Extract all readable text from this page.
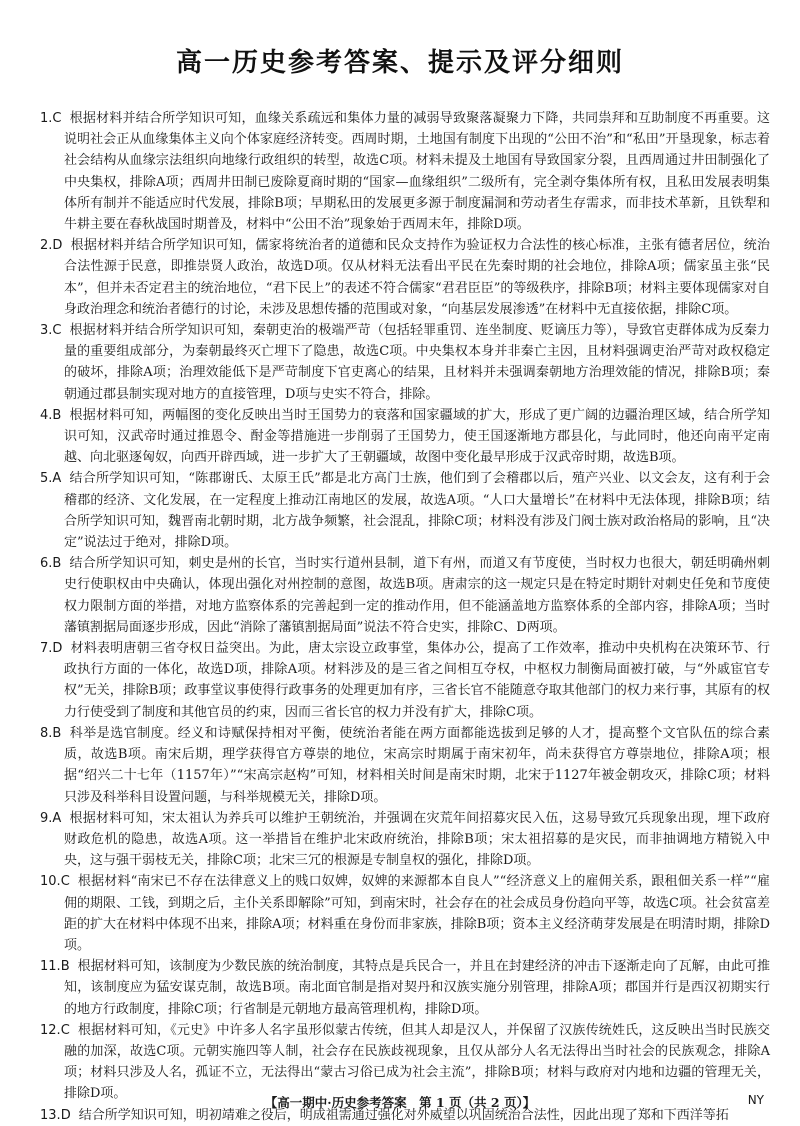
高一历史参考答案、提示及评分细则

1.C 根据材料并结合所学知识可知，血缘关系疏远和集体力量的减弱导致聚落凝聚力下降，共同祟拜和互助制度不再重要。这说明社会正从血缘集体主义向个体家庭经济转变。西周时期，土地国有制度下出现的“公田不治”和“私田”开垦现象，标志着社会结构从血缘宗法组织向地缘行政组织的转型，故选C项。材料未提及土地国有导致国家分裂，且西周通过井田制强化了中央集权，排除A项；西周井田制已废除夏商时期的“国家—血缘组织”二级所有，完全剥夺集体所有权，且私田发展表明集体所有制并不能适应时代发展，排除B项；早期私田的发展更多源于制度漏洞和劳动者生存需求，而非技术革新，且铁犁和牛耕主要在春秋战国时期普及，材料中“公田不治”现象始于西周末年，排除D项。

2.D 根据材料并结合所学知识可知，儒家将统治者的道德和民众支持作为验证权力合法性的核心标准，主张有德者居位，统治合法性源于民意，即推崇贤人政治，故选D项。仅从材料无法看出平民在先秦时期的社会地位，排除A项；儒家虽主张“民本”，但并未否定君主的统治地位，“君下民上”的表述不符合儒家“君君臣臣”的等级秩序，排除B项；材料主要体现儒家对自身政治理念和统治者德行的讨论，未涉及思想传播的范围或对象，“向基层发展渗透”在材料中无直接依据，排除C项。

3.C 根据材料并结合所学知识可知，秦朝吏治的极端严苛（包括轻罪重罚、连坐制度、贬谪压力等），导致官吏群体成为反秦力量的重要组成部分，为秦朝最终灭亡埋下了隐患，故选C项。中央集权本身并非秦亡主因，且材料强调吏治严苛对政权稳定的破坏，排除A项；治理效能低下是严苛制度下官吏离心的结果，且材料并未强调秦朝地方治理效能的情况，排除B项；秦朝通过郡县制实现对地方的直接管理，D项与史实不符合，排除。

4.B 根据材料可知，两幅图的变化反映出当时王国势力的衰落和国家疆域的扩大，形成了更广阔的边疆治理区域，结合所学知识可知，汉武帝时通过推恩令、酎金等措施进一步削弱了王国势力，使王国逐渐地方郡县化，与此同时，他还向南平定南越、向北驱逐匈奴，向西开辟西域，进一步扩大了王朝疆域，故图中变化最早形成于汉武帝时期，故选B项。

5.A 结合所学知识可知，“陈郡谢氏、太原王氏”都是北方高门士族，他们到了会稽郡以后，殖产兴业、以文会友，这有利于会稽郡的经济、文化发展，在一定程度上推动江南地区的发展，故选A项。“人口大量增长”在材料中无法体现，排除B项；结合所学知识可知，魏晋南北朝时期，北方战争频繁，社会混乱，排除C项；材料没有涉及门阀士族对政治格局的影响，且“决定”说法过于绝对，排除D项。

6.B 结合所学知识可知，刺史是州的长官，当时实行道州县制，道下有州，而道又有节度使，当时权力也很大，朝廷明确州刺史行使职权由中央确认，体现出强化对州控制的意图，故选B项。唐肃宗的这一规定只是在特定时期针对刺史任免和节度使权力限制方面的举措，对地方监察体系的完善起到一定的推动作用，但不能涵盖地方监察体系的全部内容，排除A项；当时藩镇割据局面逐步形成，因此“消除了藩镇割据局面”说法不符合史实，排除C、D两项。

7.D 材料表明唐朝三省夺权日益突出。为此，唐太宗设立政事堂，集体办公，提高了工作效率，推动中央机构在决策环节、行政执行方面的一体化，故选D项，排除A项。材料涉及的是三省之间相互夺权，中枢权力制衡局面被打破，与“外戚宦官专权”无关，排除B项；政事堂议事使得行政事务的处理更加有序，三省长官不能随意夺取其他部门的权力来行事，其原有的权力行使受到了制度和其他官员的约束，因而三省长官的权力并没有扩大，排除C项。

8.B 科举是选官制度。经义和诗赋保持相对平衡，使统治者能在两方面都能选拔到足够的人才，提高整个文官队伍的综合素质，故选B项。南宋后期，理学获得官方尊崇的地位，宋高宗时期属于南宋初年，尚未获得官方尊崇地位，排除A项；根据“绍兴二十七年（1157年）”“宋高宗赵构”可知，材料相关时间是南宋时期，北宋于1127年被金朝攻灭，排除C项；材料只涉及科举科目设置问题，与科举规模无关，排除D项。

9.A 根据材料可知，宋太祖认为养兵可以维护王朝统治，并强调在灾荒年间招募灾民入伍，这易导致冗兵现象出现，埋下政府财政危机的隐患，故选A项。这一举措旨在维护北宋政府统治，排除B项；宋太祖招募的是灾民，而非抽调地方精锐入中央，这与强干弱枝无关，排除C项；北宋三冗的根源是专制皇权的强化，排除D项。

10.C 根据材料“南宋已不存在法律意义上的贱口奴婢，奴婢的来源都本自良人”“经济意义上的雇佣关系，跟租佃关系一样”“雇佣的期限、工钱，到期之后，主仆关系即解除”可知，到南宋时，社会存在的社会成员身份趋向平等，故选C项。社会贫富差距的扩大在材料中体现不出来，排除A项；材料重在身份而非家族，排除B项；资本主义经济萌芽发展是在明清时期，排除D项。

11.B 根据材料可知，该制度为少数民族的统治制度，其特点是兵民合一，并且在封建经济的冲击下逐渐走向了瓦解，由此可推知，该制度应为猛安谋克制，故选B项。南北面官制是指对契丹和汉族实施分别管理，排除A项；郡国并行是西汉初期实行的地方行政制度，排除C项；行省制是元朝地方最高管理机构，排除D项。

12.C 根据材料可知，《元史》中许多人名字虽形似蒙古传统，但其人却是汉人，并保留了汉族传统姓氏，这反映出当时民族交融的加深，故选C项。元朝实施四等人制，社会存在民族歧视现象，且仅从部分人名无法得出当时社会的民族观念，排除A项；材料只涉及人名，孤证不立，无法得出“蒙古习俗已成为社会主流”，排除B项；材料与政府对内地和边疆的管理无关，排除D项。

13.D 结合所学知识可知，明初靖难之役后，明成祖需通过强化对外威望以巩固统治合法性，因此出现了郑和下西洋等拓

【高一期中·历史参考答案　第 1 页（共 2 页）】	NY
